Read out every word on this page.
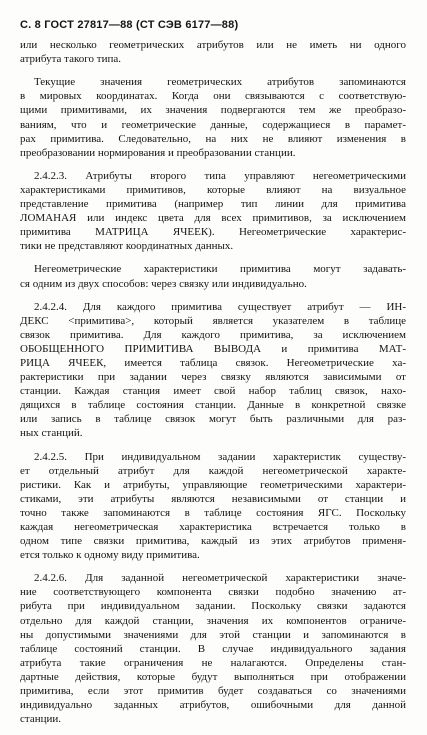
С. 8 ГОСТ 27817—88 (СТ СЭВ 6177—88)
или несколько геометрических атрибутов или не иметь ни одного
атрибута такого типа.
Текущие значения геометрических атрибутов запоминаются
в мировых координатах. Когда они связываются с соответствую-
щими примитивами, их значения подвергаются тем же преобразо-
ваниям, что и геометрические данные, содержащиеся в парамет-
рах примитива. Следовательно, на них не влияют изменения в
преобразовании нормирования и преобразовании станции.
2.4.2.3. Атрибуты второго типа управляют негеометрическими
характеристиками примитивов, которые влияют на визуальное
представление примитива (например тип линии для примитива
ЛОМАНАЯ или индекс цвета для всех примитивов, за исключением
примитива МАТРИЦА ЯЧЕЕК). Негеометрические характерис-
тики не представляют координатных данных.
Негеометрические характеристики примитива могут задавать-
ся одним из двух способов: через связку или индивидуально.
2.4.2.4. Для каждого примитива существует атрибут — ИН-
ДЕКС <примитива>, который является указателем в таблице
связок примитива. Для каждого примитива, за исключением
ОБОБЩЕННОГО ПРИМИТИВА ВЫВОДА и примитива МАТ-
РИЦА ЯЧЕЕК, имеется таблица связок. Негеометрические ха-
рактеристики при задании через связку являются зависимыми от
станции. Каждая станция имеет свой набор таблиц связок, нахо-
дящихся в таблице состояния станции. Данные в конкретной связке
или запись в таблице связок могут быть различными для раз-
ных станций.
2.4.2.5. При индивидуальном задании характеристик существу-
ет отдельный атрибут для каждой негеометрической характе-
ристики. Как и атрибуты, управляющие геометрическими характери-
стиками, эти атрибуты являются независимыми от станции и
точно также запоминаются в таблице состояния ЯГС. Поскольку
каждая негеометрическая характеристика встречается только в
одном типе связки примитива, каждый из этих атрибутов применя-
ется только к одному виду примитива.
2.4.2.6. Для заданной негеометрической характеристики значе-
ние соответствующего компонента связки подобно значению ат-
рибута при индивидуальном задании. Поскольку связки задаются
отдельно для каждой станции, значения их компонентов ограниче-
ны допустимыми значениями для этой станции и запоминаются в
таблице состояний станции. В случае индивидуального задания
атрибута такие ограничения не налагаются. Определены стан-
дартные действия, которые будут выполняться при отображении
примитива, если этот примитив будет создаваться со значениями
индивидуально заданных атрибутов, ошибочными для данной
станции.
